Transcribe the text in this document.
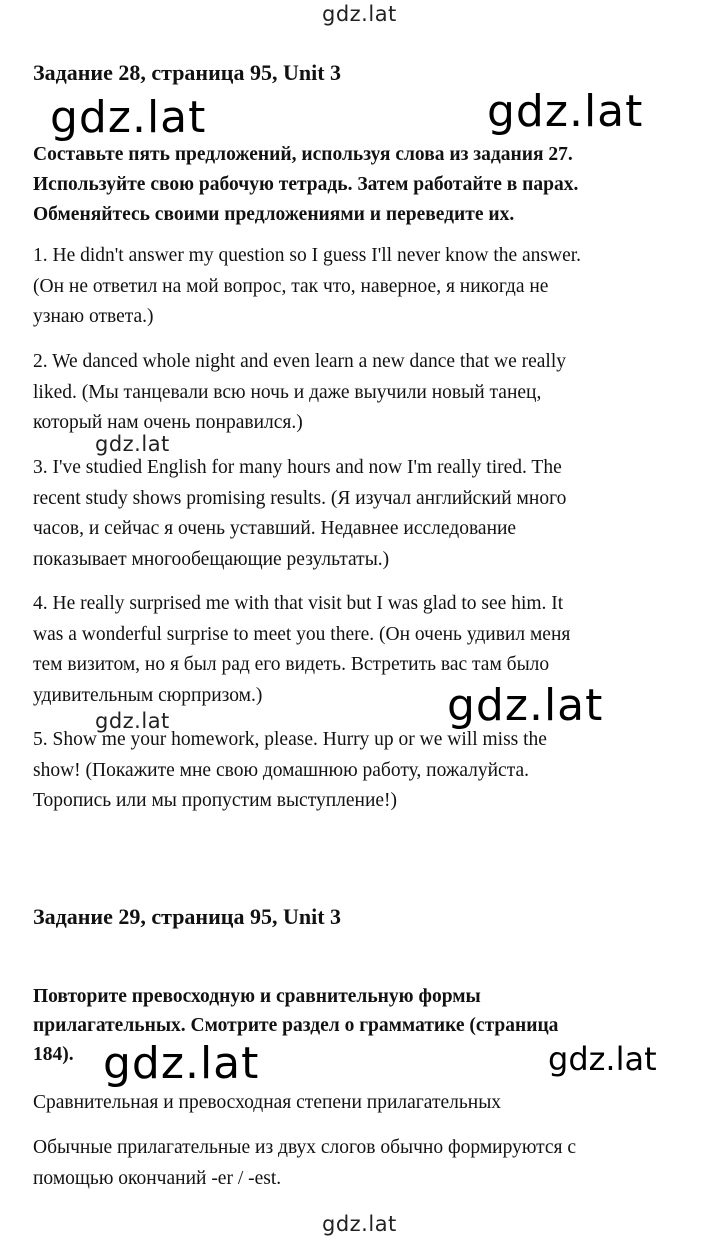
gdz.lat
gdz.lat	gdz.lat
gdz.lat
gdz.lat
gdz.lat
gdz.lat	gdz.lat
gdz.lat
Задание 28, страница 95, Unit 3
Составьте пять предложений, используя слова из задания 27.
Используйте свою рабочую тетрадь. Затем работайте в парах.
Обменяйтесь своими предложениями и переведите их.
1. He didn't answer my question so I guess I'll never know the answer.
(Он не ответил на мой вопрос, так что, наверное, я никогда не
узнаю ответа.)
2. We danced whole night and even learn a new dance that we really
liked. (Мы танцевали всю ночь и даже выучили новый танец,
который нам очень понравился.)
3. I've studied English for many hours and now I'm really tired. The
recent study shows promising results. (Я изучал английский много
часов, и сейчас я очень уставший. Недавнее исследование
показывает многообещающие результаты.)
4. He really surprised me with that visit but I was glad to see him. It
was a wonderful surprise to meet you there. (Он очень удивил меня
тем визитом, но я был рад его видеть. Встретить вас там было
удивительным сюрпризом.)
5. Show me your homework, please. Hurry up or we will miss the
show! (Покажите мне свою домашнюю работу, пожалуйста.
Торопись или мы пропустим выступление!)
Задание 29, страница 95, Unit 3
Повторите превосходную и сравнительную формы
прилагательных. Смотрите раздел о грамматике (страница
184).
Сравнительная и превосходная степени прилагательных
Обычные прилагательные из двух слогов обычно формируются с
помощью окончаний -er / -est.
